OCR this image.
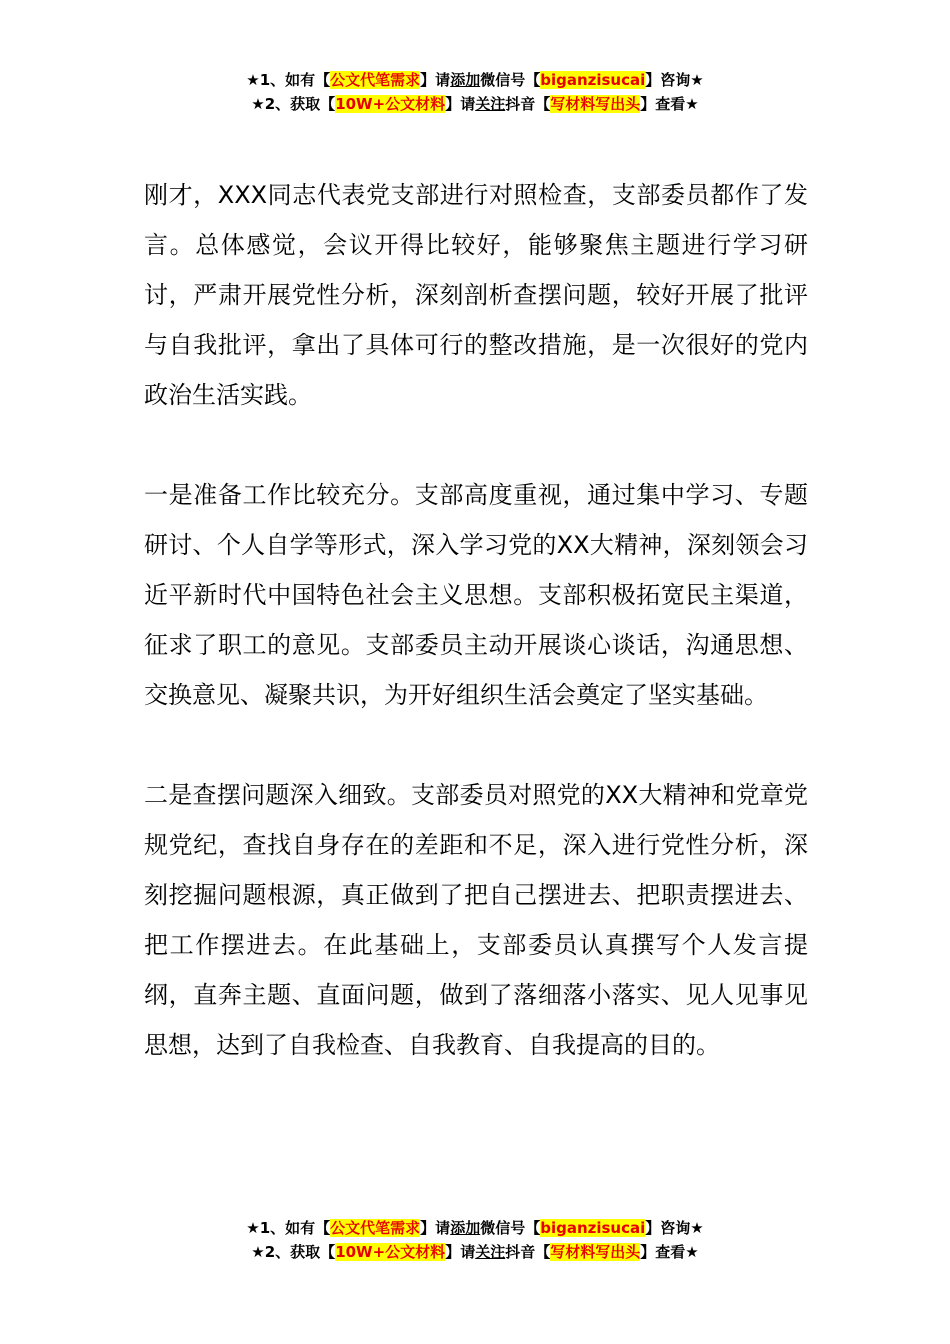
★1、如有【公文代笔需求】请添加微信号【biganzisucai】咨询★
★2、获取【10W+公文材料】请关注抖音【写材料写出头】查看★

刚才，XXX同志代表党支部进行对照检查，支部委员都作了发言。总体感觉，会议开得比较好，能够聚焦主题进行学习研讨，严肃开展党性分析，深刻剖析查摆问题，较好开展了批评与自我批评，拿出了具体可行的整改措施，是一次很好的党内政治生活实践。

一是准备工作比较充分。支部高度重视，通过集中学习、专题研讨、个人自学等形式，深入学习党的XX大精神，深刻领会习近平新时代中国特色社会主义思想。支部积极拓宽民主渠道，征求了职工的意见。支部委员主动开展谈心谈话，沟通思想、交换意见、凝聚共识，为开好组织生活会奠定了坚实基础。

二是查摆问题深入细致。支部委员对照党的XX大精神和党章党规党纪，查找自身存在的差距和不足，深入进行党性分析，深刻挖掘问题根源，真正做到了把自己摆进去、把职责摆进去、把工作摆进去。在此基础上，支部委员认真撰写个人发言提纲，直奔主题、直面问题，做到了落细落小落实、见人见事见思想，达到了自我检查、自我教育、自我提高的目的。

★1、如有【公文代笔需求】请添加微信号【biganzisucai】咨询★
★2、获取【10W+公文材料】请关注抖音【写材料写出头】查看★
